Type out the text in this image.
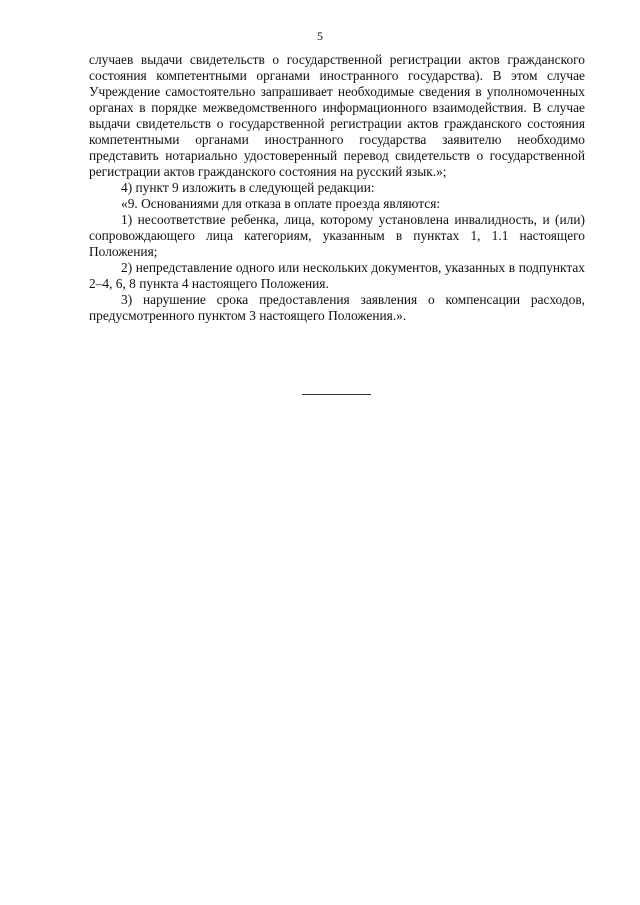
5

случаев выдачи свидетельств о государственной регистрации актов гражданского состояния компетентными органами иностранного государства). В этом случае Учреждение самостоятельно запрашивает необходимые сведения в уполномоченных органах в порядке межведомственного информационного взаимодействия. В случае выдачи свидетельств о государственной регистрации актов гражданского состояния компетентными органами иностранного государства заявителю необходимо представить нотариально удостоверенный перевод свидетельств о государственной регистрации актов гражданского состояния на русский язык.»;

4) пункт 9 изложить в следующей редакции:

«9. Основаниями для отказа в оплате проезда являются:

1) несоответствие ребенка, лица, которому установлена инвалидность, и (или) сопровождающего лица категориям, указанным в пунктах 1, 1.1 настоящего Положения;

2) непредставление одного или нескольких документов, указанных в подпунктах 2–4, 6, 8 пункта 4 настоящего Положения.

3) нарушение срока предоставления заявления о компенсации расходов, предусмотренного пунктом 3 настоящего Положения.».
